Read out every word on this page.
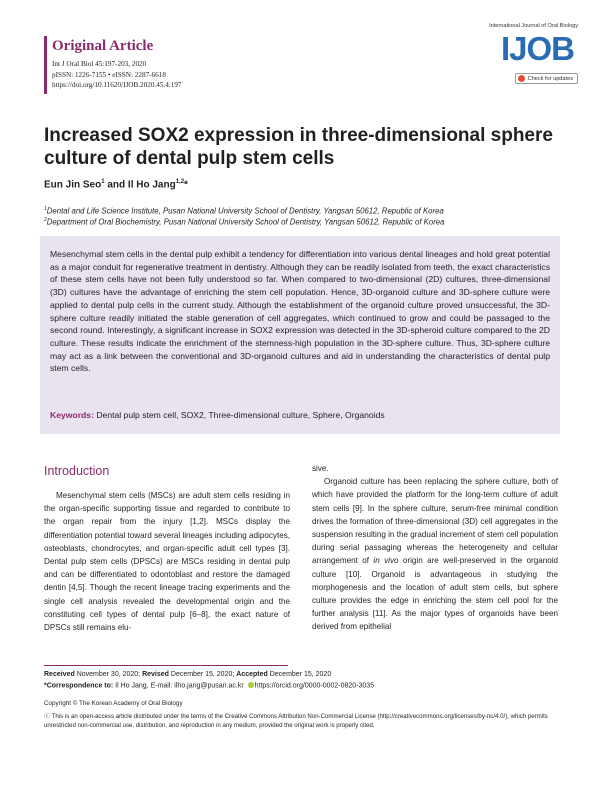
Original Article
Int J Oral Biol 45:197-203, 2020
pISSN: 1226-7155 • eISSN: 2287-6618
https://doi.org/10.11620/IJOB.2020.45.4.197
International Journal of Oral Biology
IJOB
Check for updates
Increased SOX2 expression in three-dimensional sphere culture of dental pulp stem cells
Eun Jin Seo$^1$ and Il Ho Jang$^{1,2}$*
$^1$Dental and Life Science Institute, Pusan National University School of Dentistry, Yangsan 50612, Republic of Korea
$^2$Department of Oral Biochemistry, Pusan National University School of Dentistry, Yangsan 50612, Republic of Korea
Mesenchymal stem cells in the dental pulp exhibit a tendency for differentiation into various dental lineages and hold great potential as a major conduit for regenerative treatment in dentistry. Although they can be readily isolated from teeth, the exact characteristics of these stem cells have not been fully understood so far. When compared to two-dimensional (2D) cultures, three-dimensional (3D) cultures have the advantage of enriching the stem cell population. Hence, 3D-organoid culture and 3D-sphere culture were applied to dental pulp cells in the current study. Although the establishment of the organoid culture proved unsuccessful, the 3D-sphere culture readily initiated the stable generation of cell aggregates, which continued to grow and could be passaged to the second round. Interestingly, a significant increase in SOX2 expression was detected in the 3D-spheroid culture compared to the 2D culture. These results indicate the enrichment of the stemness-high population in the 3D-sphere culture. Thus, 3D-sphere culture may act as a link between the conventional and 3D-organoid cultures and aid in understanding the characteristics of dental pulp stem cells.
Keywords: Dental pulp stem cell, SOX2, Three-dimensional culture, Sphere, Organoids
Introduction

Mesenchymal stem cells (MSCs) are adult stem cells residing in the organ-specific supporting tissue and regarded to contribute to the organ repair from the injury [1,2]. MSCs display the differentiation potential toward several lineages including adipocytes, osteoblasts, chondrocytes, and organ-specific adult cell types [3]. Dental pulp stem cells (DPSCs) are MSCs residing in dental pulp and can be differentiated to odontoblast and restore the damaged dentin [4,5]. Though the recent lineage tracing experiments and the single cell analysis revealed the developmental origin and the constituting cell types of dental pulp [6–8], the exact nature of DPSCs still remains elu-

sive.

Organoid culture has been replacing the sphere culture, both of which have provided the platform for the long-term culture of adult stem cells [9]. In the sphere culture, serum-free minimal condition drives the formation of three-dimensional (3D) cell aggregates in the suspension resulting in the gradual increment of stem cell population during serial passaging whereas the heterogeneity and cellular arrangement of in vivo origin are well-preserved in the organoid culture [10]. Organoid is advantageous in studying the morphogenesis and the location of adult stem cells, but sphere culture provides the edge in enriching the stem cell pool for the further analysis [11]. As the major types of organoids have been derived from epithelial

Received November 30, 2020; Revised December 15, 2020; Accepted December 15, 2020
*Correspondence to: Il Ho Jang, E-mail: ilho.jang@pusan.ac.kr https://orcid.org/0000-0002-0820-3035
Copyright © The Korean Academy of Oral Biology
ⓒ This is an open-access article distributed under the terms of the Creative Commons Attribution Non-Commercial License (http://creativecommons.org/licenses/by-nc/4.0/), which permits unrestricted non-commercial use, distribution, and reproduction in any medium, provided the original work is properly cited.
